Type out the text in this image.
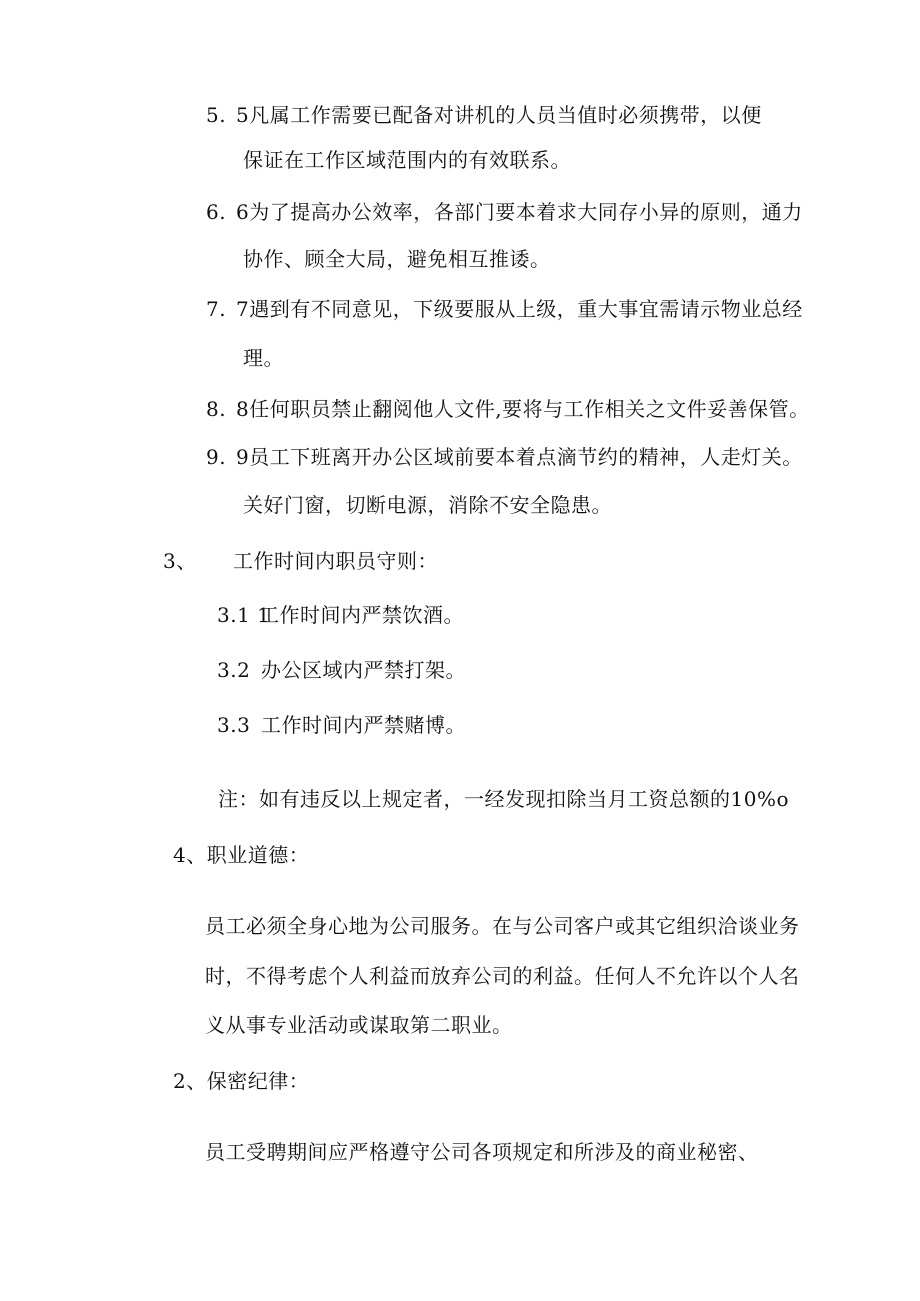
5. 5凡属工作需要已配备对讲机的人员当值时必须携带，以便
保证在工作区域范围内的有效联系。
6. 6为了提高办公效率，各部门要本着求大同存小异的原则，通力
协作、顾全大局，避免相互推诿。
7. 7遇到有不同意见，下级要服从上级，重大事宜需请示物业总经
理。
8. 8任何职员禁止翻阅他人文件,要将与工作相关之文件妥善保管。
9. 9员工下班离开办公区域前要本着点滴节约的精神，人走灯关。
关好门窗，切断电源，消除不安全隐患。
3、 工作时间内职员守则：
3.1 1工作时间内严禁饮酒。
3.2 办公区域内严禁打架。
3.3 工作时间内严禁赌博。
注：如有违反以上规定者，一经发现扣除当月工资总额的10%o
4、职业道德：
员工必须全身心地为公司服务。在与公司客户或其它组织洽谈业务
时，不得考虑个人利益而放弃公司的利益。任何人不允许以个人名
义从事专业活动或谋取第二职业。
2、保密纪律：
员工受聘期间应严格遵守公司各项规定和所涉及的商业秘密、
